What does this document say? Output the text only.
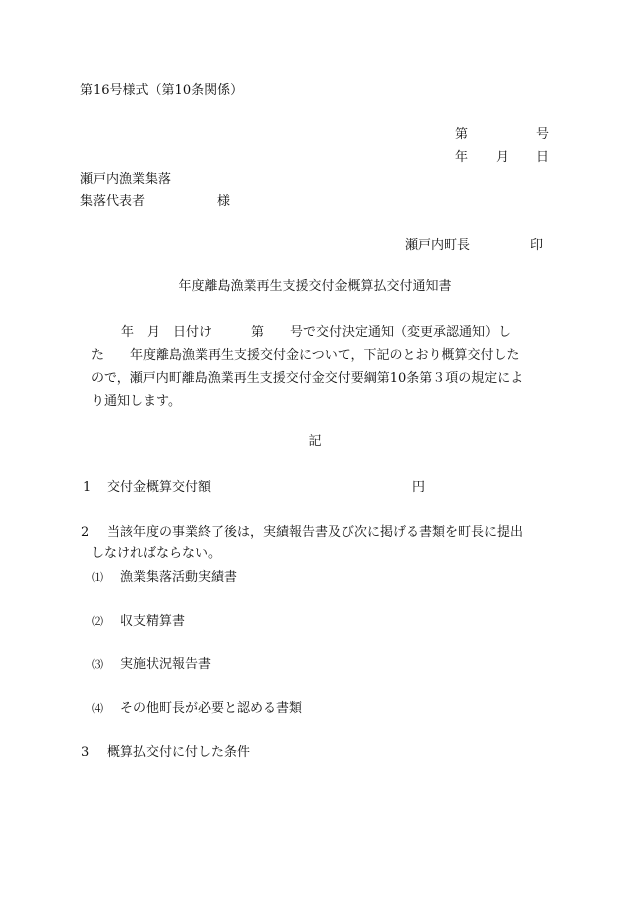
第16号様式（第10条関係）
第	号
年 月 日
瀬戸内漁業集落
集落代表者	様
瀬戸内町長	印
年度離島漁業再生支援交付金概算払交付通知書

　　　年　月　日付け　　　第　　号で交付決定通知（変更承認通知）し

た　　年度離島漁業再生支援交付金について，下記のとおり概算交付した

ので，瀬戸内町離島漁業再生支援交付金交付要綱第10条第３項の規定によ

り通知します。

記
1 交付金概算交付額	円
2 当該年度の事業終了後は，実績報告書及び次に掲げる書類を町長に提出
しなければならない。
⑴ 漁業集落活動実績書
⑵ 収支精算書
⑶ 実施状況報告書
⑷ その他町長が必要と認める書類
3 概算払交付に付した条件
